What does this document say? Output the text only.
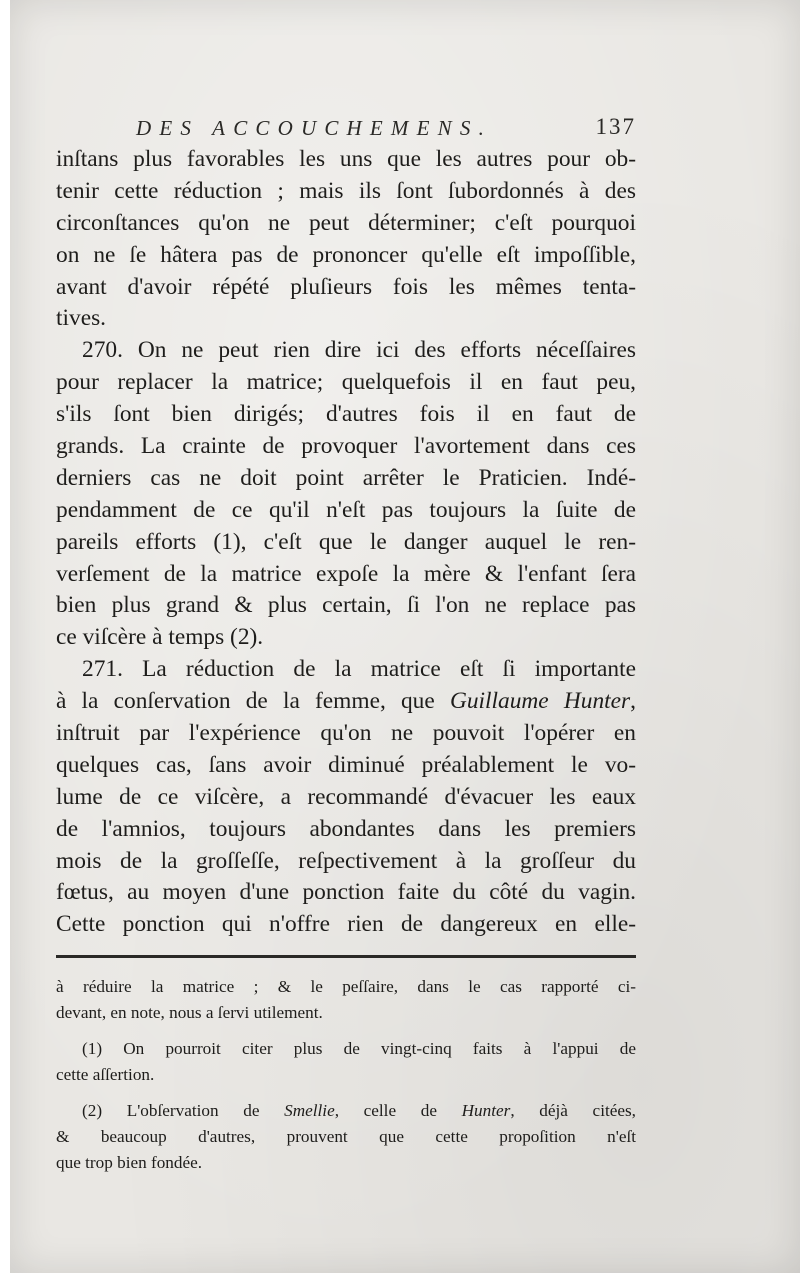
DES ACCOUCHEMENS.	137
inſtans plus favorables les uns que les autres pour ob-
tenir cette réduction ; mais ils ſont ſubordonnés à des
circonſtances qu'on ne peut déterminer; c'eſt pourquoi
on ne ſe hâtera pas de prononcer qu'elle eſt impoſſible,
avant d'avoir répété pluſieurs fois les mêmes tenta-
tives.
270. On ne peut rien dire ici des efforts néceſſaires
pour replacer la matrice; quelquefois il en faut peu,
s'ils ſont bien dirigés; d'autres fois il en faut de
grands. La crainte de provoquer l'avortement dans ces
derniers cas ne doit point arrêter le Praticien. Indé-
pendamment de ce qu'il n'eſt pas toujours la ſuite de
pareils efforts (1), c'eſt que le danger auquel le ren-
verſement de la matrice expoſe la mère & l'enfant ſera
bien plus grand & plus certain, ſi l'on ne replace pas
ce viſcère à temps (2).
271. La réduction de la matrice eſt ſi importante
à la conſervation de la femme, que Guillaume Hunter,
inſtruit par l'expérience qu'on ne pouvoit l'opérer en
quelques cas, ſans avoir diminué préalablement le vo-
lume de ce viſcère, a recommandé d'évacuer les eaux
de l'amnios, toujours abondantes dans les premiers
mois de la groſſeſſe, reſpectivement à la groſſeur du
fœtus, au moyen d'une ponction faite du côté du vagin.
Cette ponction qui n'offre rien de dangereux en elle-
à réduire la matrice ; & le peſſaire, dans le cas rapporté ci-
devant, en note, nous a ſervi utilement.
(1) On pourroit citer plus de vingt-cinq faits à l'appui de
cette aſſertion.
(2) L'obſervation de Smellie, celle de Hunter, déjà citées,
& beaucoup d'autres, prouvent que cette propoſition n'eſt
que trop bien fondée.
